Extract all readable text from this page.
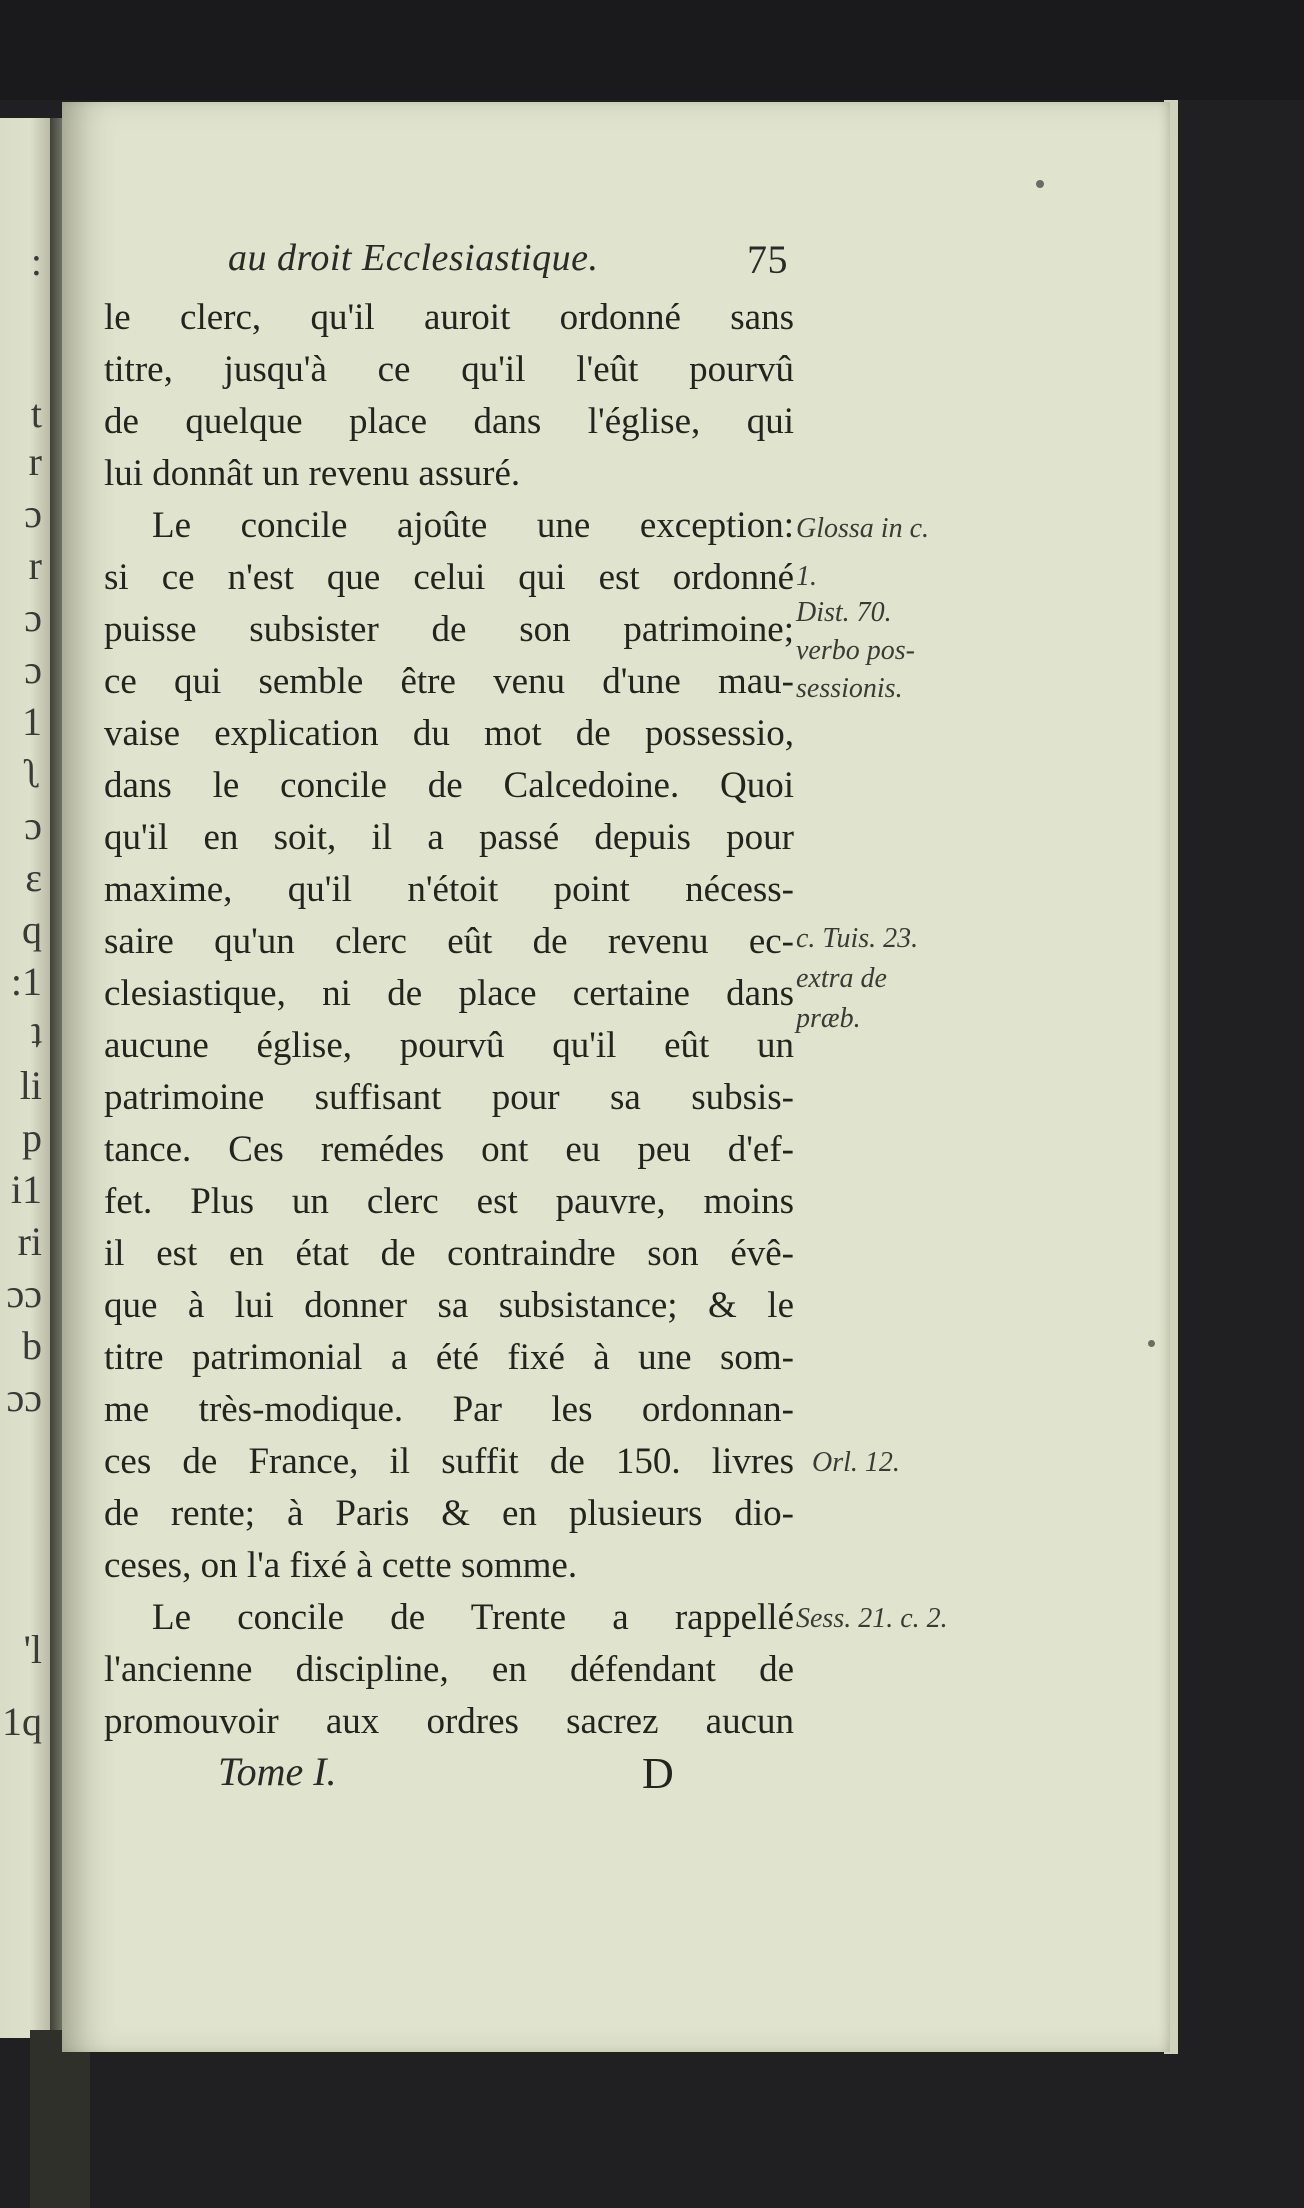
:
t
r
ɔ
r
ɔ
ɔ
1
ʅ
ɔ
ɛ
q
:1
ʇ
li
p
i1
ri
ɔɔ
b
ɔɔ
'l
1q
au droit Ecclesiastique.	75
le clerc, qu'il auroit ordonné sans
titre, jusqu'à ce qu'il l'eût pourvû
de quelque place dans l'église, qui
lui donnât un revenu assuré.
Le concile ajoûte une exception:
si ce n'est que celui qui est ordonné
puisse subsister de son patrimoine;
ce qui semble être venu d'une mau-
vaise explication du mot de possessio,
dans le concile de Calcedoine. Quoi
qu'il en soit, il a passé depuis pour
maxime, qu'il n'étoit point nécess-
saire qu'un clerc eût de revenu ec-
clesiastique, ni de place certaine dans
aucune église, pourvû qu'il eût un
patrimoine suffisant pour sa subsis-
tance. Ces remédes ont eu peu d'ef-
fet. Plus un clerc est pauvre, moins
il est en état de contraindre son évê-
que à lui donner sa subsistance; & le
titre patrimonial a été fixé à une som-
me très-modique. Par les ordonnan-
ces de France, il suffit de 150. livres
de rente; à Paris & en plusieurs dio-
ceses, on l'a fixé à cette somme.
Le concile de Trente a rappellé
l'ancienne discipline, en défendant de
promouvoir aux ordres sacrez aucun
Glossa in c.
1.
Dist. 70.
verbo pos-
sessionis.
c. Tuis. 23.
extra de
præb.
Orl. 12.
Sess. 21. c. 2.
Tome I.	D
